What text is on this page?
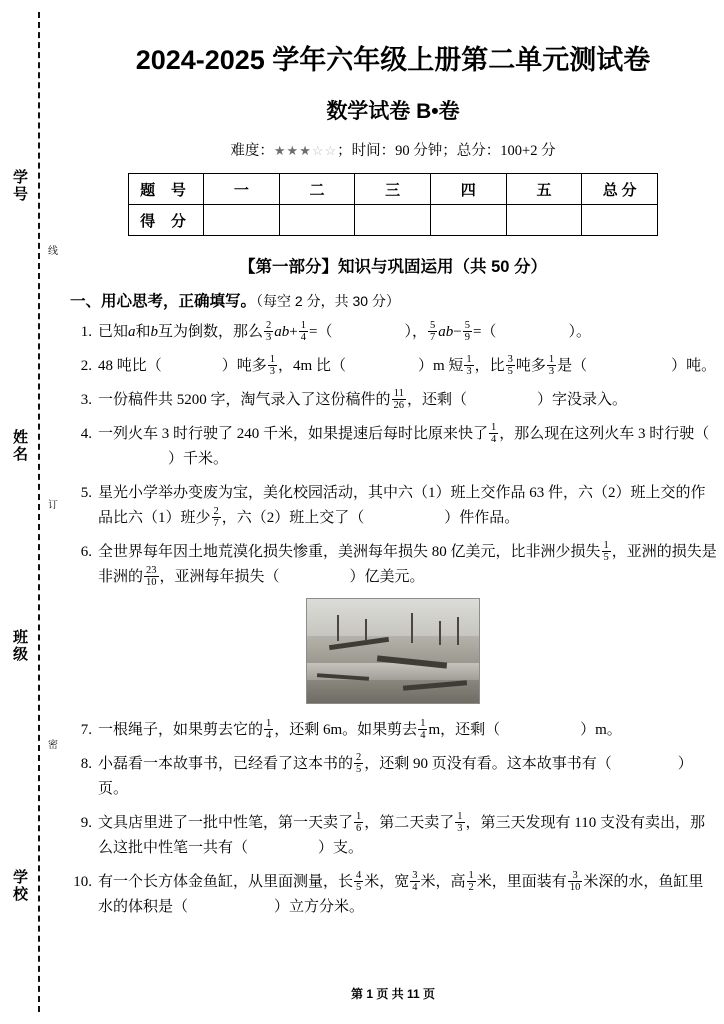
学 号
姓 名
班 级
学 校
线
订
密
2024-2025 学年六年级上册第二单元测试卷
数学试卷 B•卷
难度：★★★☆☆；时间：90 分钟；总分：100+2 分
题 号	一	二	三	四	五	总 分
得 分						
【第一部分】知识与巩固运用（共 50 分）
一、用心思考，正确填写。（每空 2 分，共 30 分）
1. 已知a和b互为倒数，那么 $\frac{2}{3} ab+ \frac{1}{4}$ =（	）， $\frac{5}{7} ab- \frac{5}{9}$ =（	）。
2. 48 吨比（	）吨多 $\frac{1}{3}$ ，4m 比（	）m 短 $\frac{1}{3}$ ，比 $\frac{3}{5}$ 吨多 $\frac{1}{3}$ 是（	）吨。
3. 一份稿件共 5200 字，淘气录入了这份稿件的 $\frac{11}{26}$ ，还剩（	）字没录入。
4. 一列火车 3 时行驶了 240 千米，如果提速后每时比原来快了 $\frac{1}{4}$ ，那么现在这列火车 3 时行驶（ ）千米。
5. 星光小学举办变废为宝，美化校园活动，其中六（1）班上交作品 63 件，六（2）班上交的作品比六（1）班少 $\frac{2}{7}$ ，六（2）班上交了（	）件作品。
6. 全世界每年因土地荒漠化损失惨重，美洲每年损失 80 亿美元，比非洲少损失 $\frac{1}{5}$ ，亚洲的损失是非洲的 $\frac{23}{10}$ ，亚洲每年损失（	）亿美元。
7. 一根绳子，如果剪去它的 $\frac{1}{4}$ ，还剩 6m。如果剪去 $\frac{1}{4}$ m，还剩（	）m。
8. 小磊看一本故事书，已经看了这本书的 $\frac{2}{5}$ ，还剩 90 页没有看。这本故事书有（	）页。
9. 文具店里进了一批中性笔，第一天卖了 $\frac{1}{6}$ ，第二天卖了 $\frac{1}{3}$ ，第三天发现有 110 支没有卖出，那么这批中性笔一共有（	）支。
10. 有一个长方体金鱼缸，从里面测量，长 $\frac{4}{5}$ 米，宽 $\frac{3}{4}$ 米，高 $\frac{1}{2}$ 米，里面装有 $\frac{3}{10}$ 米深的水，鱼缸里水的体积是（	）立方分米。
第 1 页 共 11 页
